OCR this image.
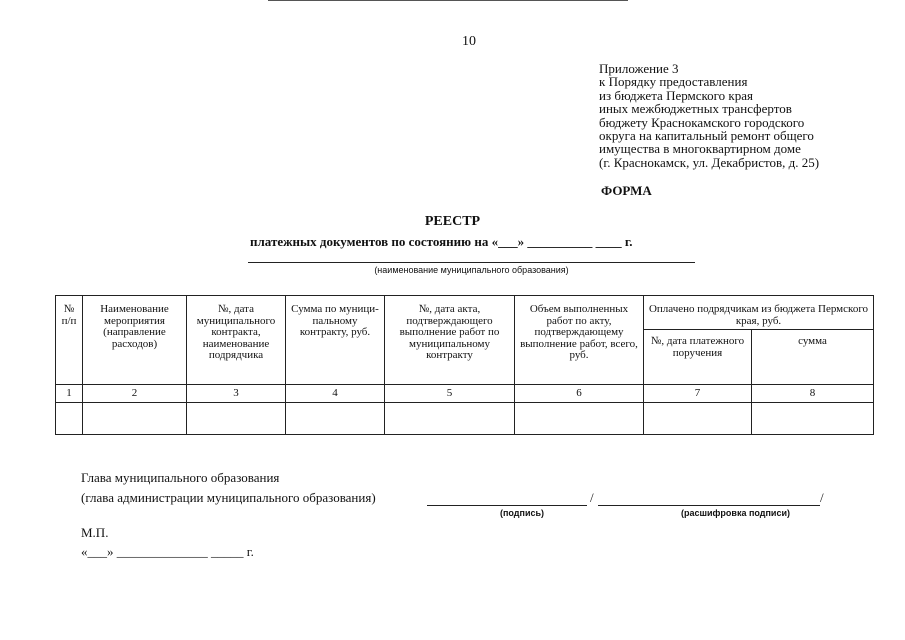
10
Приложение 3
к Порядку предоставления
из бюджета Пермского края
иных межбюджетных трансфертов
бюджету Краснокамского городского
округа на капитальный ремонт общего
имущества в многоквартирном доме
(г. Краснокамск, ул. Декабристов, д. 25)
ФОРМА
РЕЕСТР
платежных документов по состоянию на «___» __________ ____ г.
(наименование муниципального образования)
№ п/п	Наименование мероприятия (направление расходов)	№, дата муниципального контракта, наименование подрядчика	Сумма по муници-пальному контракту, руб.	№, дата акта, подтверждающего выполнение работ по муниципальному контракту	Объем выполненных работ по акту, подтверждающему выполнение работ, всего, руб.	Оплачено подрядчикам из бюджета Пермского края, руб.	
						№, дата платежного поручения	сумма
1	2	3	4	5	6	7	8

Глава муниципального образования
(глава администрации муниципального образования)	/	/
(подпись)	(расшифровка подписи)
М.П.
«___» ______________ _____ г.
